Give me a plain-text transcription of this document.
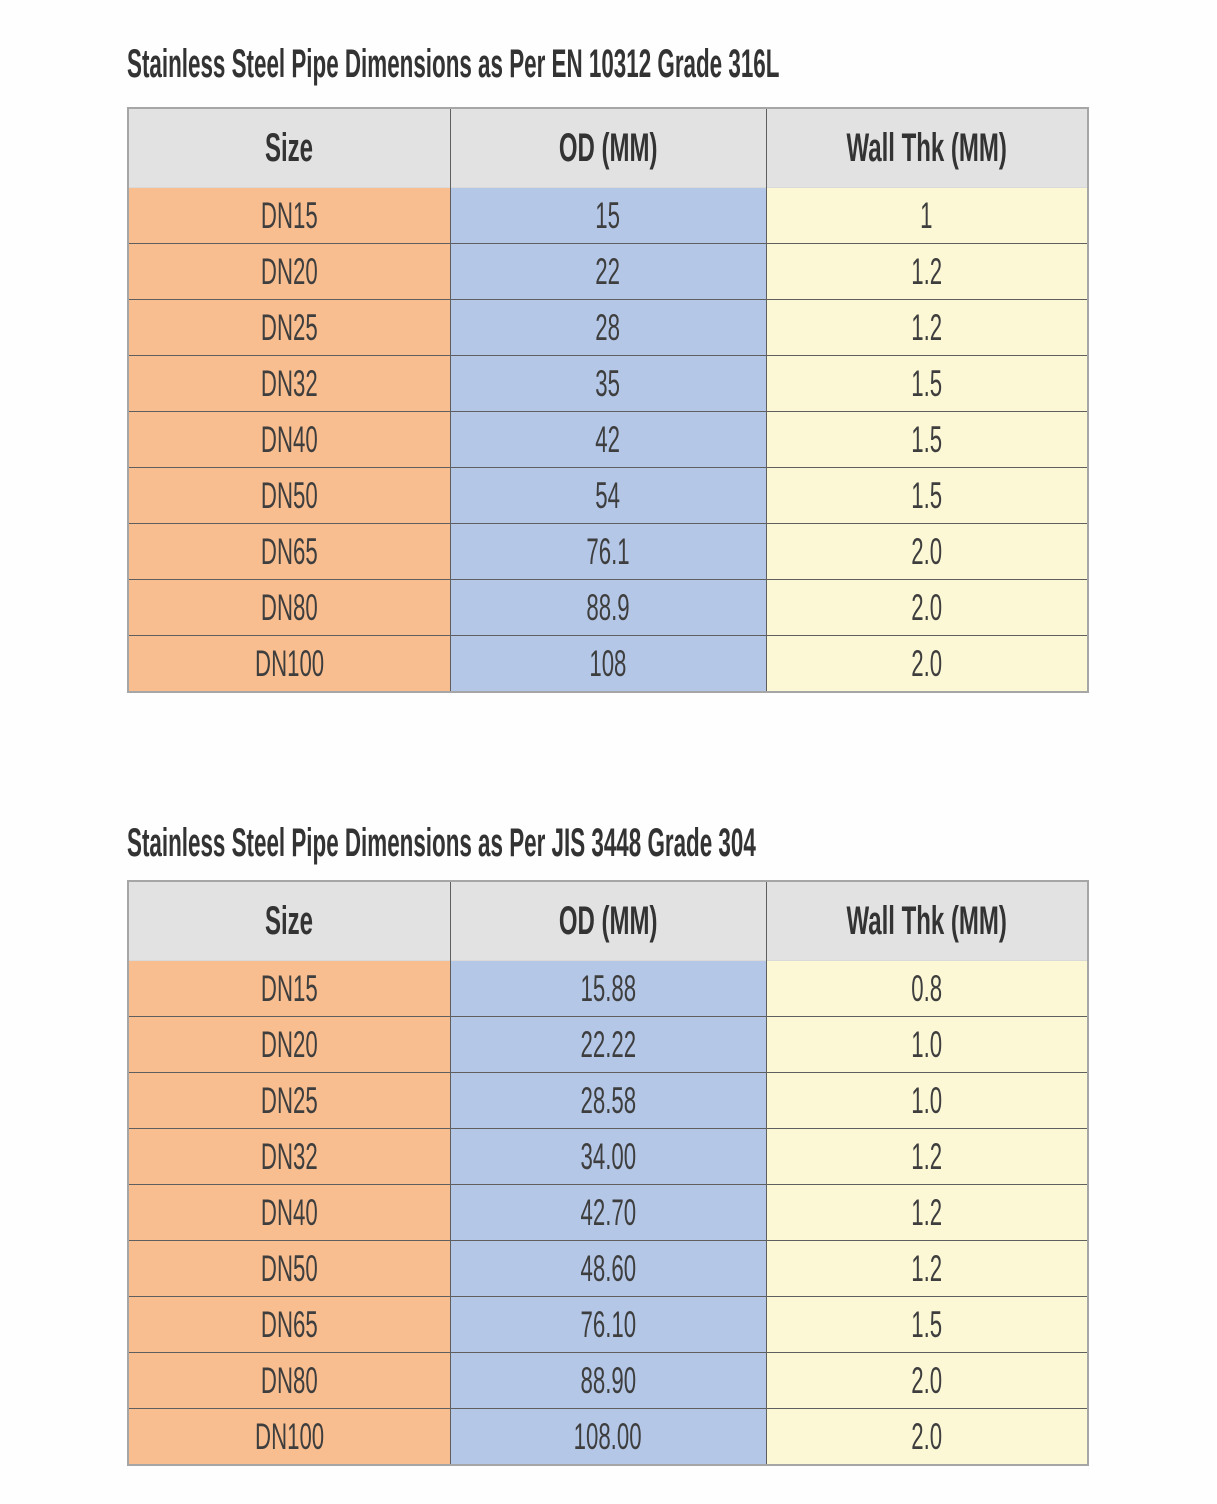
Stainless Steel Pipe Dimensions as Per EN 10312 Grade 316L
Size	OD (MM)	Wall Thk (MM)
DN15	15	1
DN20	22	1.2
DN25	28	1.2
DN32	35	1.5
DN40	42	1.5
DN50	54	1.5
DN65	76.1	2.0
DN80	88.9	2.0
DN100	108	2.0
Stainless Steel Pipe Dimensions as Per JIS 3448 Grade 304
Size	OD (MM)	Wall Thk (MM)
DN15	15.88	0.8
DN20	22.22	1.0
DN25	28.58	1.0
DN32	34.00	1.2
DN40	42.70	1.2
DN50	48.60	1.2
DN65	76.10	1.5
DN80	88.90	2.0
DN100	108.00	2.0
